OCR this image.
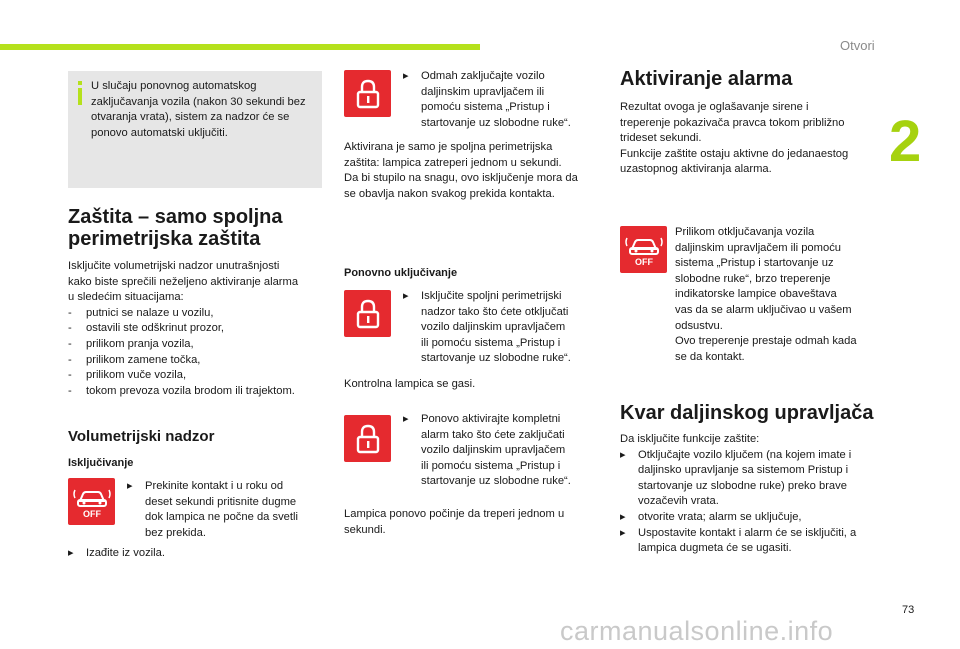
Otvori
2
73
carmanualsonline.info
U slučaju ponovnog automatskog zaključavanja vozila (nakon 30 sekundi bez otvaranja vrata), sistem za nadzor će se ponovo automatski uključiti.
Zaštita – samo spoljna
perimetrijska zaštita
Isključite volumetrijski nadzor unutrašnjosti
kako biste sprečili neželjeno aktiviranje alarma
u sledećim situacijama:
- putnici se nalaze u vozilu,
- ostavili ste odškrinut prozor,
- prilikom pranja vozila,
- prilikom zamene točka,
- prilikom vuče vozila,
- tokom prevoza vozila brodom ili trajektom.
Volumetrijski nadzor
Isključivanje
OFF
▸ Prekinite kontakt i u roku od
deset sekundi pritisnite dugme
dok lampica ne počne da svetli
bez prekida.
▸ Izađite iz vozila.
▸ Odmah zaključajte vozilo
daljinskim upravljačem ili
pomoću sistema „Pristup i
startovanje uz slobodne ruke“.
Aktivirana je samo je spoljna perimetrijska
zaštita: lampica zatreperi jednom u sekundi.
Da bi stupilo na snagu, ovo isključenje mora da
se obavlja nakon svakog prekida kontakta.
Ponovno uključivanje
▸ Isključite spoljni perimetrijski
nadzor tako što ćete otključati
vozilo daljinskim upravljačem
ili pomoću sistema „Pristup i
startovanje uz slobodne ruke“.
Kontrolna lampica se gasi.
▸ Ponovo aktivirajte kompletni
alarm tako što ćete zaključati
vozilo daljinskim upravljačem
ili pomoću sistema „Pristup i
startovanje uz slobodne ruke“.
Lampica ponovo počinje da treperi jednom u
sekundi.
Aktiviranje alarma
Rezultat ovoga je oglašavanje sirene i
treperenje pokazivača pravca tokom približno
trideset sekundi.
Funkcije zaštite ostaju aktivne do jedanaestog
uzastopnog aktiviranja alarma.
OFF
Prilikom otključavanja vozila
daljinskim upravljačem ili pomoću
sistema „Pristup i startovanje uz
slobodne ruke“, brzo treperenje
indikatorske lampice obaveštava
vas da se alarm uključivao u vašem
odsustvu.
Ovo treperenje prestaje odmah kada
se da kontakt.
Kvar daljinskog upravljača
Da isključite funkcije zaštite:
▸ Otključajte vozilo ključem (na kojem imate i
daljinsko upravljanje sa sistemom Pristup i
startovanje uz slobodne ruke) preko brave
vozačevih vrata.
▸ otvorite vrata; alarm se uključuje,
▸ Uspostavite kontakt i alarm će se isključiti, a
lampica dugmeta će se ugasiti.
